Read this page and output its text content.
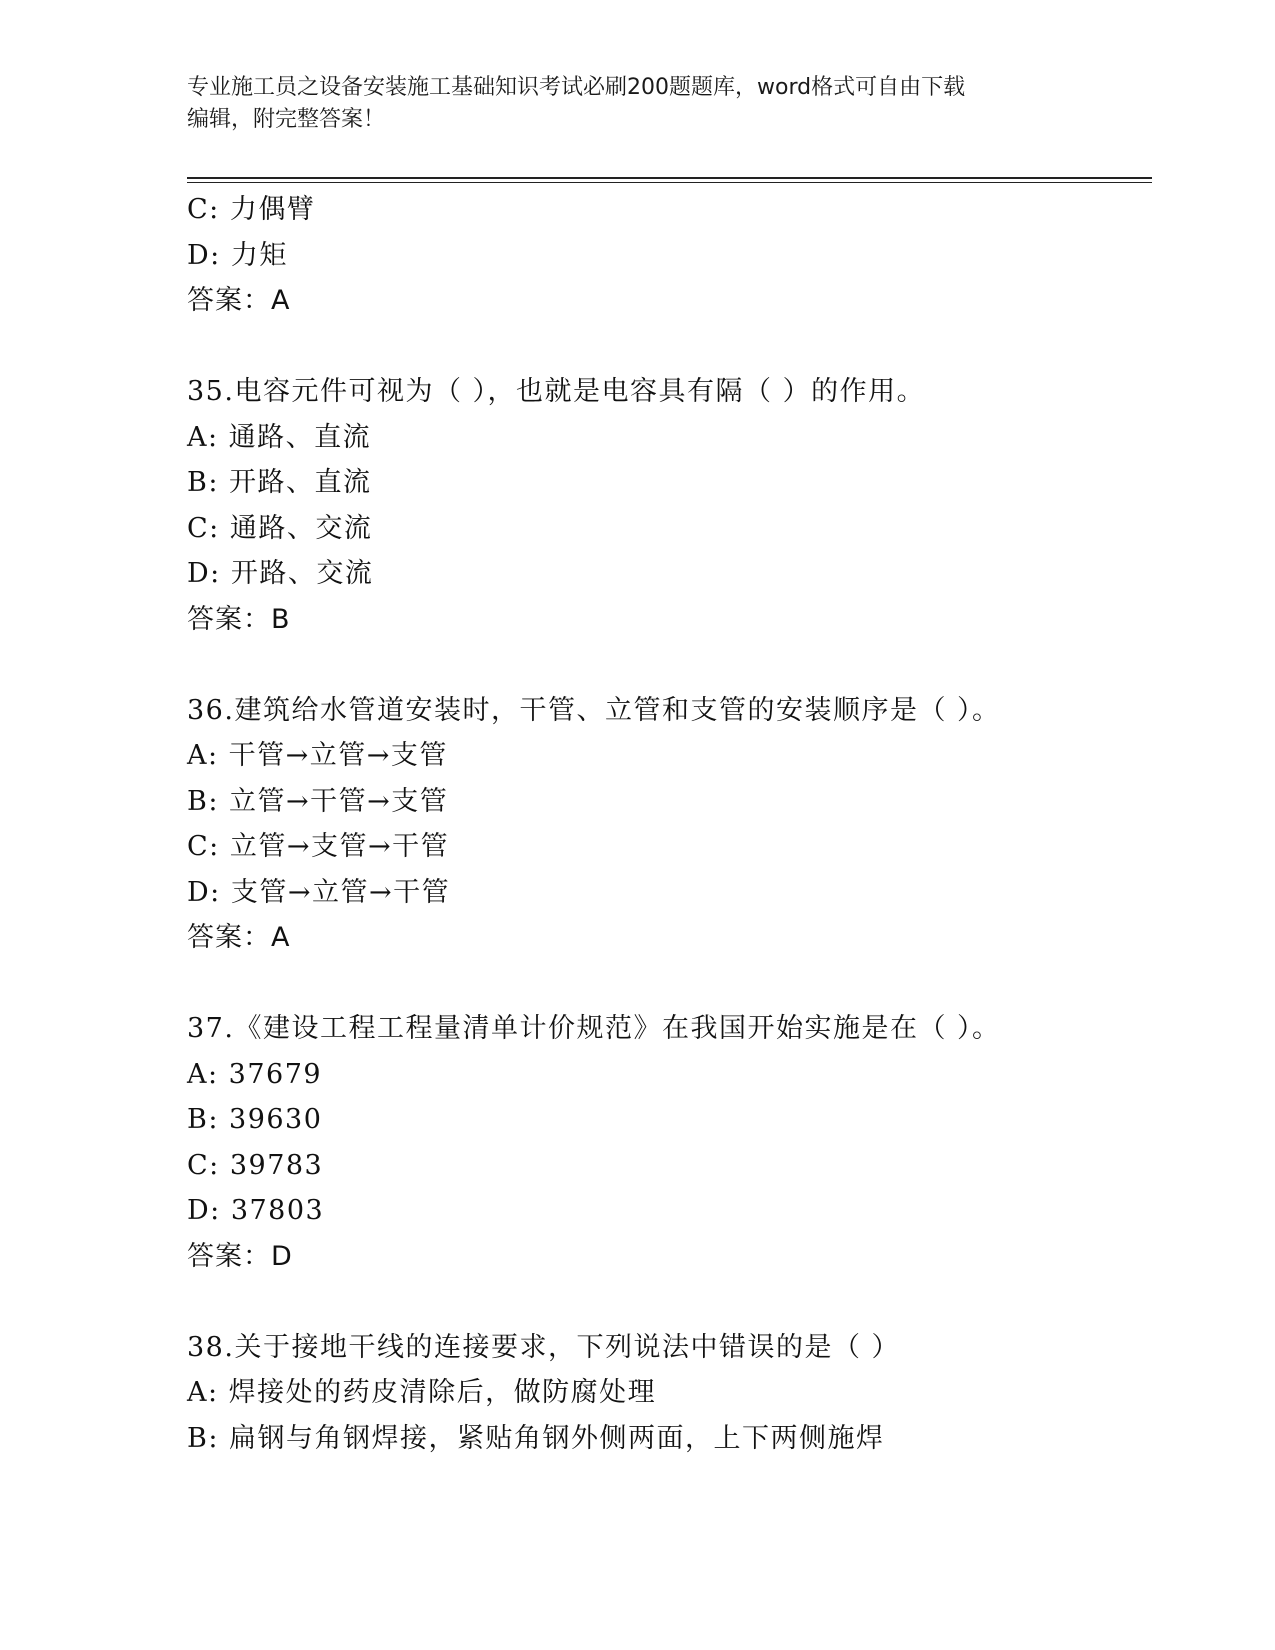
专业施工员之设备安装施工基础知识考试必刷200题题库，word格式可自由下载
编辑，附完整答案！
C: 力偶臂
D: 力矩
答案：A
35.电容元件可视为（ ），也就是电容具有隔（ ）的作用。
A: 通路、直流
B: 开路、直流
C: 通路、交流
D: 开路、交流
答案：B
36.建筑给水管道安装时，干管、立管和支管的安装顺序是（ ）。
A: 干管→立管→支管
B: 立管→干管→支管
C: 立管→支管→干管
D: 支管→立管→干管
答案：A
37.《建设工程工程量清单计价规范》在我国开始实施是在（ ）。
A: 37679
B: 39630
C: 39783
D: 37803
答案：D
38.关于接地干线的连接要求，下列说法中错误的是（ ）
A: 焊接处的药皮清除后，做防腐处理
B: 扁钢与角钢焊接，紧贴角钢外侧两面，上下两侧施焊
